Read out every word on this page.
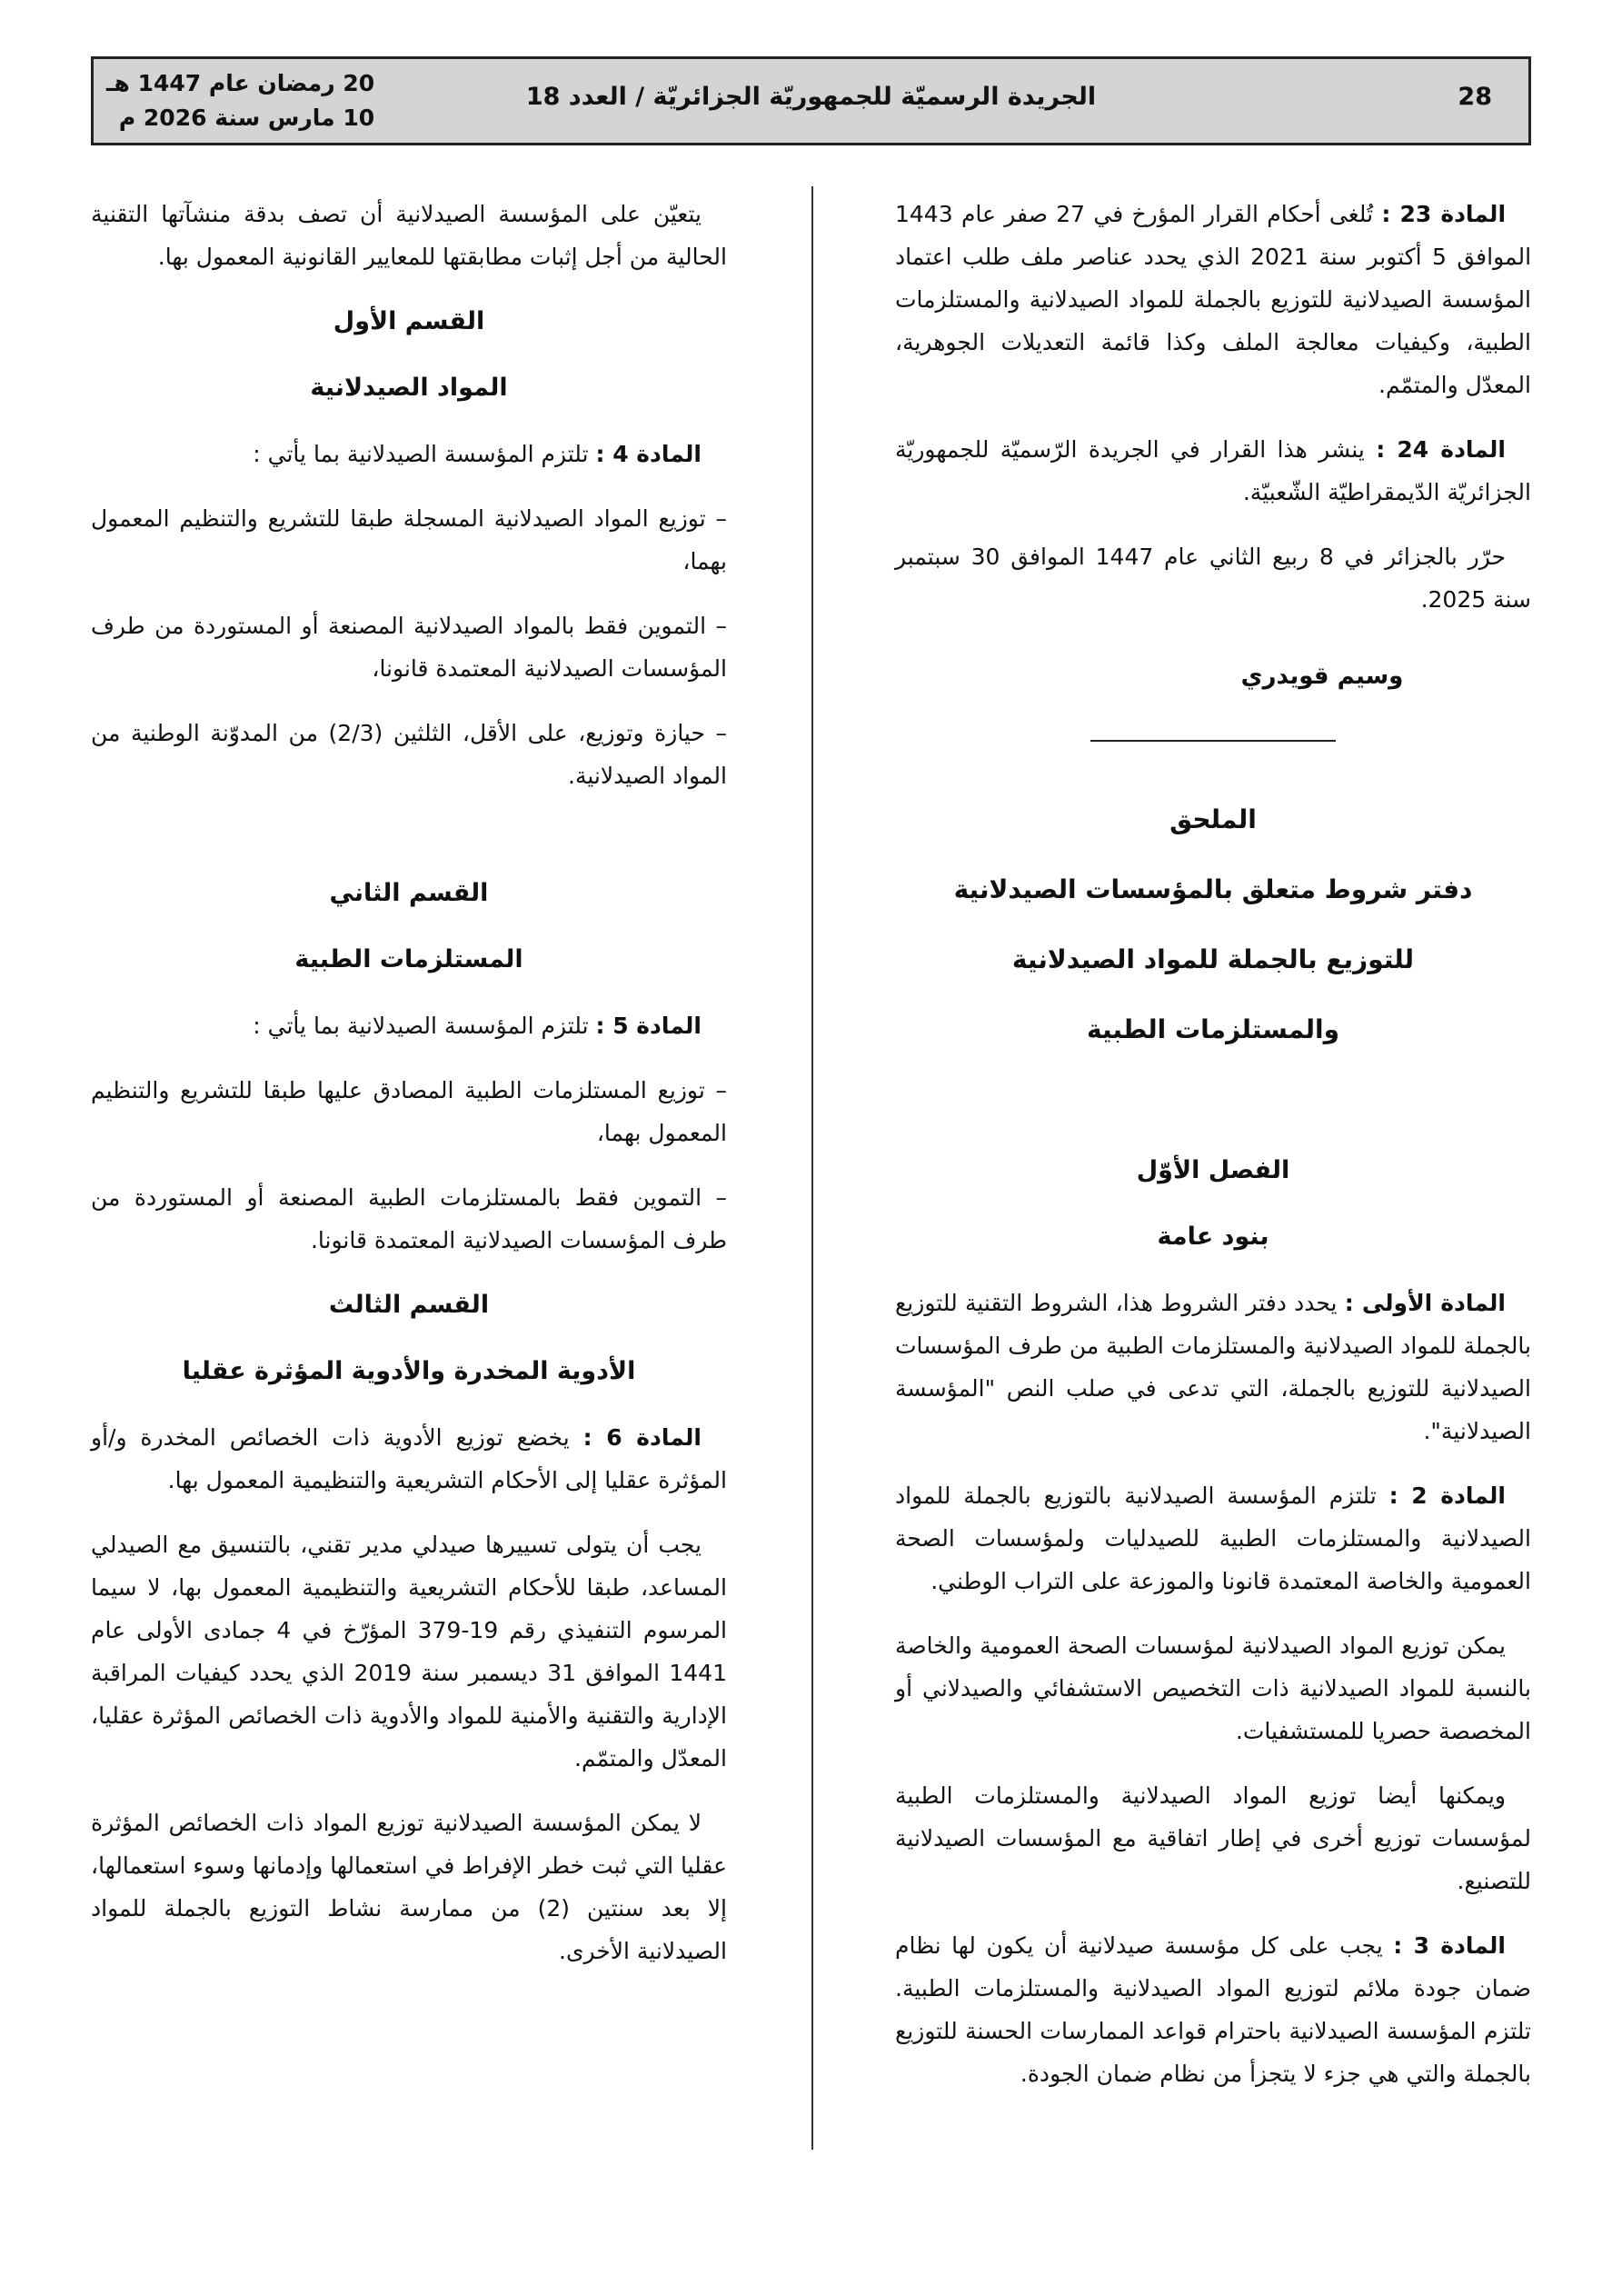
28
الجريدة الرسميّة للجمهوريّة الجزائريّة / العدد 18
20 رمضان عام 1447 هـ
10 مارس سنة 2026 م

المادة 23 : تُلغى أحكام القرار المؤرخ في 27 صفر عام 1443 الموافق 5 أكتوبر سنة 2021 الذي يحدد عناصر ملف طلب اعتماد المؤسسة الصيدلانية للتوزيع بالجملة للمواد الصيدلانية والمستلزمات الطبية، وكيفيات معالجة الملف وكذا قائمة التعديلات الجوهرية، المعدّل والمتمّم.

المادة 24 : ينشر هذا القرار في الجريدة الرّسميّة للجمهوريّة الجزائريّة الدّيمقراطيّة الشّعبيّة.

حرّر بالجزائر في 8 ربيع الثاني عام 1447 الموافق 30 سبتمبر سنة 2025.

وسيم قويدري
الملحق
دفتر شروط متعلق بالمؤسسات الصيدلانية
للتوزيع بالجملة للمواد الصيدلانية
والمستلزمات الطبية
الفصل الأوّل
بنود عامة

المادة الأولى : يحدد دفتر الشروط هذا، الشروط التقنية للتوزيع بالجملة للمواد الصيدلانية والمستلزمات الطبية من طرف المؤسسات الصيدلانية للتوزيع بالجملة، التي تدعى في صلب النص "المؤسسة الصيدلانية".

المادة 2 : تلتزم المؤسسة الصيدلانية بالتوزيع بالجملة للمواد الصيدلانية والمستلزمات الطبية للصيدليات ولمؤسسات الصحة العمومية والخاصة المعتمدة قانونا والموزعة على التراب الوطني.

يمكن توزيع المواد الصيدلانية لمؤسسات الصحة العمومية والخاصة بالنسبة للمواد الصيدلانية ذات التخصيص الاستشفائي والصيدلاني أو المخصصة حصريا للمستشفيات.

ويمكنها أيضا توزيع المواد الصيدلانية والمستلزمات الطبية لمؤسسات توزيع أخرى في إطار اتفاقية مع المؤسسات الصيدلانية للتصنيع.

المادة 3 : يجب على كل مؤسسة صيدلانية أن يكون لها نظام ضمان جودة ملائم لتوزيع المواد الصيدلانية والمستلزمات الطبية. تلتزم المؤسسة الصيدلانية باحترام قواعد الممارسات الحسنة للتوزيع بالجملة والتي هي جزء لا يتجزأ من نظام ضمان الجودة.

يتعيّن على المؤسسة الصيدلانية أن تصف بدقة منشآتها التقنية الحالية من أجل إثبات مطابقتها للمعايير القانونية المعمول بها.

القسم الأول
المواد الصيدلانية

المادة 4 : تلتزم المؤسسة الصيدلانية بما يأتي :

– توزيع المواد الصيدلانية المسجلة طبقا للتشريع والتنظيم المعمول بهما،

– التموين فقط بالمواد الصيدلانية المصنعة أو المستوردة من طرف المؤسسات الصيدلانية المعتمدة قانونا،

– حيازة وتوزيع، على الأقل، الثلثين (2/3) من المدوّنة الوطنية من المواد الصيدلانية.

القسم الثاني
المستلزمات الطبية

المادة 5 : تلتزم المؤسسة الصيدلانية بما يأتي :

– توزيع المستلزمات الطبية المصادق عليها طبقا للتشريع والتنظيم المعمول بهما،

– التموين فقط بالمستلزمات الطبية المصنعة أو المستوردة من طرف المؤسسات الصيدلانية المعتمدة قانونا.

القسم الثالث
الأدوية المخدرة والأدوية المؤثرة عقليا

المادة 6 : يخضع توزيع الأدوية ذات الخصائص المخدرة و/أو المؤثرة عقليا إلى الأحكام التشريعية والتنظيمية المعمول بها.

يجب أن يتولى تسييرها صيدلي مدير تقني، بالتنسيق مع الصيدلي المساعد، طبقا للأحكام التشريعية والتنظيمية المعمول بها، لا سيما المرسوم التنفيذي رقم 19-379 المؤرّخ في 4 جمادى الأولى عام 1441 الموافق 31 ديسمبر سنة 2019 الذي يحدد كيفيات المراقبة الإدارية والتقنية والأمنية للمواد والأدوية ذات الخصائص المؤثرة عقليا، المعدّل والمتمّم.

لا يمكن المؤسسة الصيدلانية توزيع المواد ذات الخصائص المؤثرة عقليا التي ثبت خطر الإفراط في استعمالها وإدمانها وسوء استعمالها، إلا بعد سنتين (2) من ممارسة نشاط التوزيع بالجملة للمواد الصيدلانية الأخرى.
